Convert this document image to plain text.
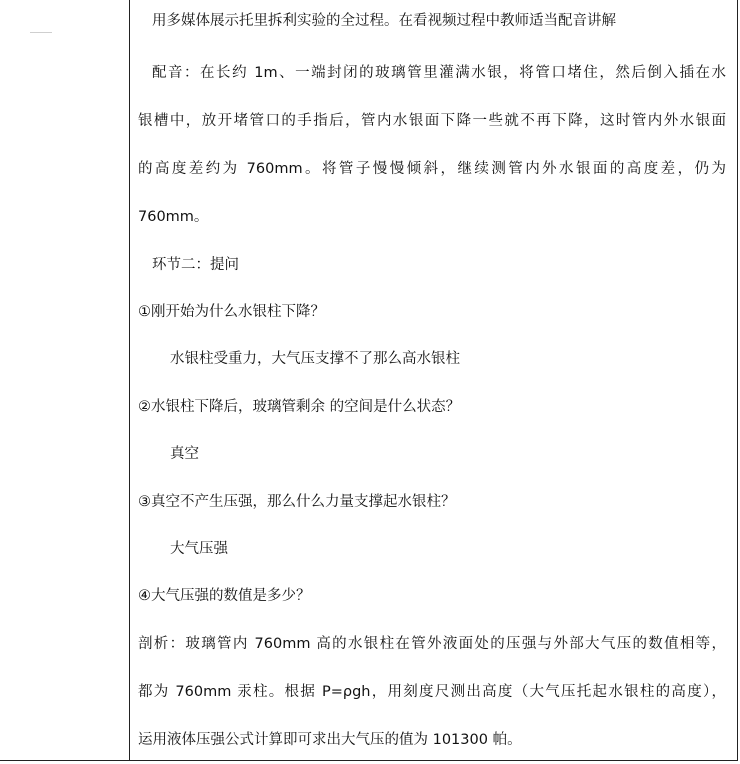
用多媒体展示托里拆利实验的全过程。在看视频过程中教师适当配音讲解
配音：在长约 1m、一端封闭的玻璃管里灌满水银，将管口堵住，然后倒入插在水
银槽中，放开堵管口的手指后，管内水银面下降一些就不再下降，这时管内外水银面
的高度差约为 760mm。将管子慢慢倾斜，继续测管内外水银面的高度差，仍为
760mm。
环节二：提问
①刚开始为什么水银柱下降？
水银柱受重力，大气压支撑不了那么高水银柱
②水银柱下降后，玻璃管剩余 的空间是什么状态？
真空
③真空不产生压强，那么什么力量支撑起水银柱？
大气压强
④大气压强的数值是多少？
剖析：玻璃管内 760mm 高的水银柱在管外液面处的压强与外部大气压的数值相等，
都为 760mm 汞柱。根据 P=ρgh，用刻度尺测出高度（大气压托起水银柱的高度），
运用液体压强公式计算即可求出大气压的值为 101300 帕。
